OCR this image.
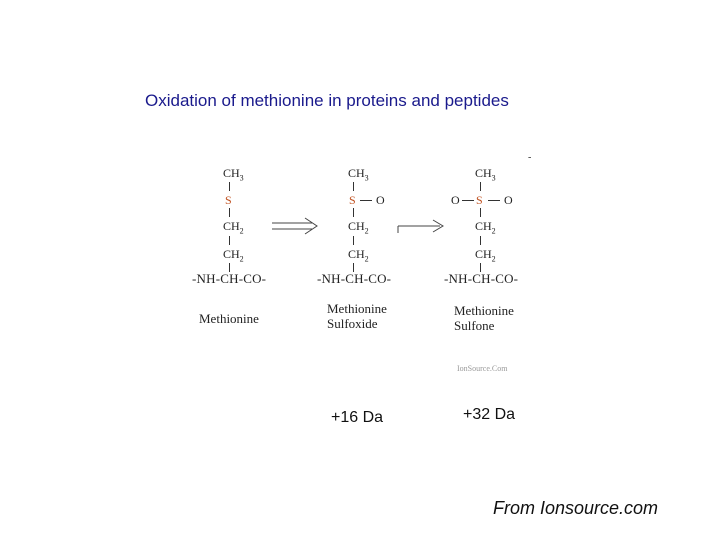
Oxidation of methionine in proteins and peptides
-
$CH_3$
S
$CH_2$
$CH_2$
-NH-CH-CO-
Methionine
$CH_3$
S O
$CH_2$
$CH_2$
-NH-CH-CO-
Methionine
Sulfoxide
$CH_3$
O S O
$CH_2$
$CH_2$
-NH-CH-CO-
Methionine
Sulfone
IonSource.Com
+16 Da	+32 Da
From Ionsource.com
